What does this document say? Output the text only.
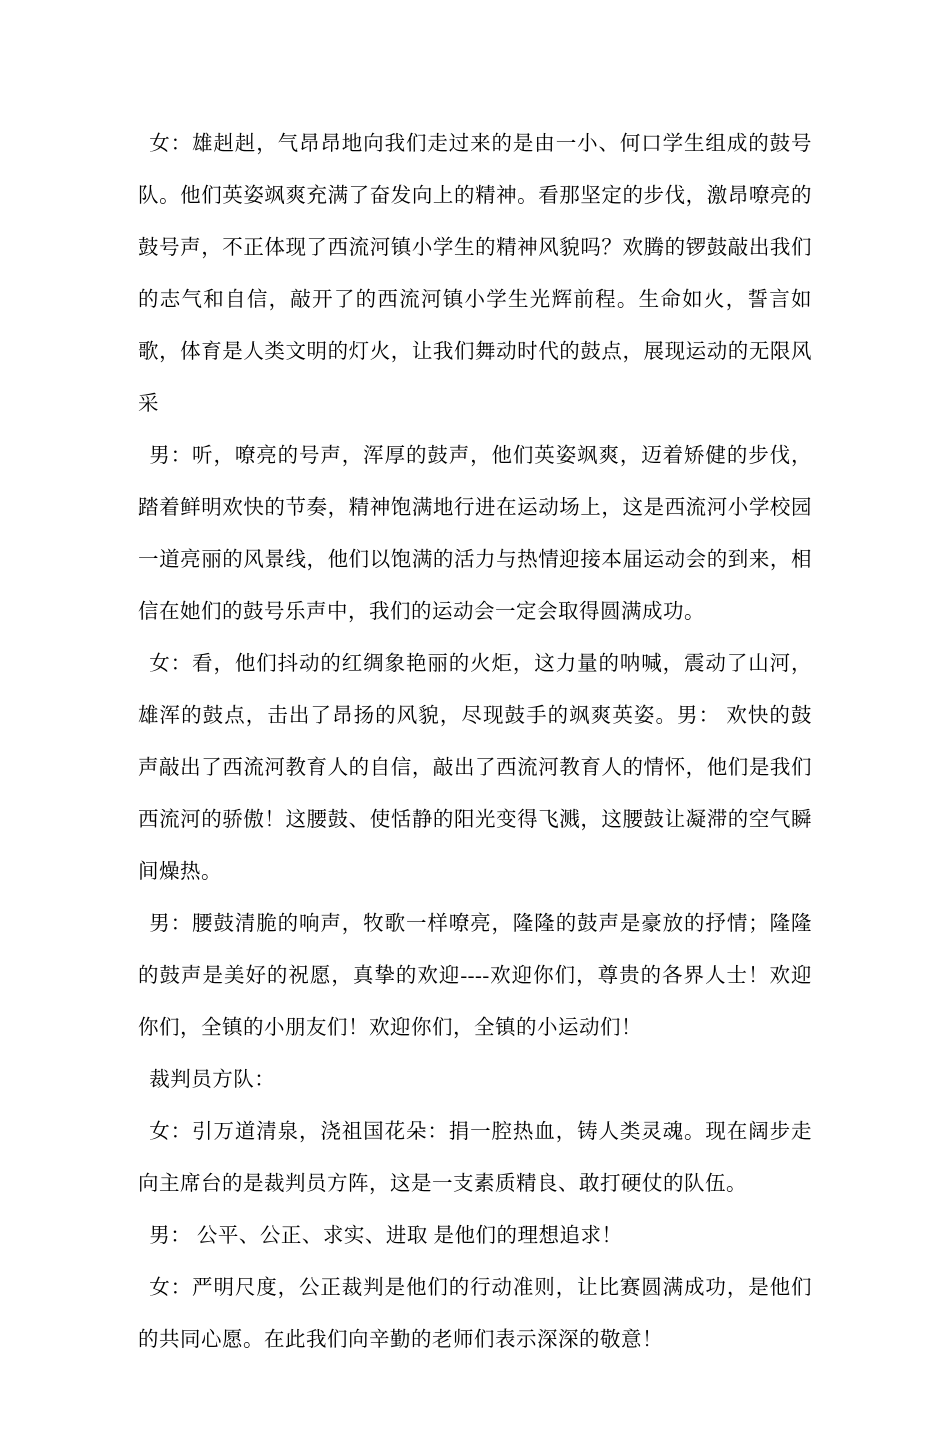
女：雄赳赳，气昂昂地向我们走过来的是由一小、何口学生组成的鼓号队。他们英姿飒爽充满了奋发向上的精神。看那坚定的步伐，激昂嘹亮的鼓号声，不正体现了西流河镇小学生的精神风貌吗？欢腾的锣鼓敲出我们的志气和自信，敲开了的西流河镇小学生光辉前程。生命如火，誓言如歌，体育是人类文明的灯火，让我们舞动时代的鼓点，展现运动的无限风采

男：听，嘹亮的号声，浑厚的鼓声，他们英姿飒爽，迈着矫健的步伐，踏着鲜明欢快的节奏，精神饱满地行进在运动场上，这是西流河小学校园一道亮丽的风景线，他们以饱满的活力与热情迎接本届运动会的到来，相信在她们的鼓号乐声中，我们的运动会一定会取得圆满成功。

女：看，他们抖动的红绸象艳丽的火炬，这力量的呐喊，震动了山河，雄浑的鼓点，击出了昂扬的风貌，尽现鼓手的飒爽英姿。男： 欢快的鼓声敲出了西流河教育人的自信，敲出了西流河教育人的情怀，他们是我们西流河的骄傲！这腰鼓、使恬静的阳光变得飞溅，这腰鼓让凝滞的空气瞬间燥热。

男：腰鼓清脆的响声，牧歌一样嘹亮，隆隆的鼓声是豪放的抒情；隆隆的鼓声是美好的祝愿，真挚的欢迎----欢迎你们，尊贵的各界人士！欢迎你们，全镇的小朋友们！欢迎你们，全镇的小运动们！

裁判员方队：

女：引万道清泉，浇祖国花朵：捐一腔热血，铸人类灵魂。现在阔步走向主席台的是裁判员方阵，这是一支素质精良、敢打硬仗的队伍。

男： 公平、公正、求实、进取 是他们的理想追求！

女：严明尺度，公正裁判是他们的行动准则，让比赛圆满成功，是他们的共同心愿。在此我们向辛勤的老师们表示深深的敬意！
